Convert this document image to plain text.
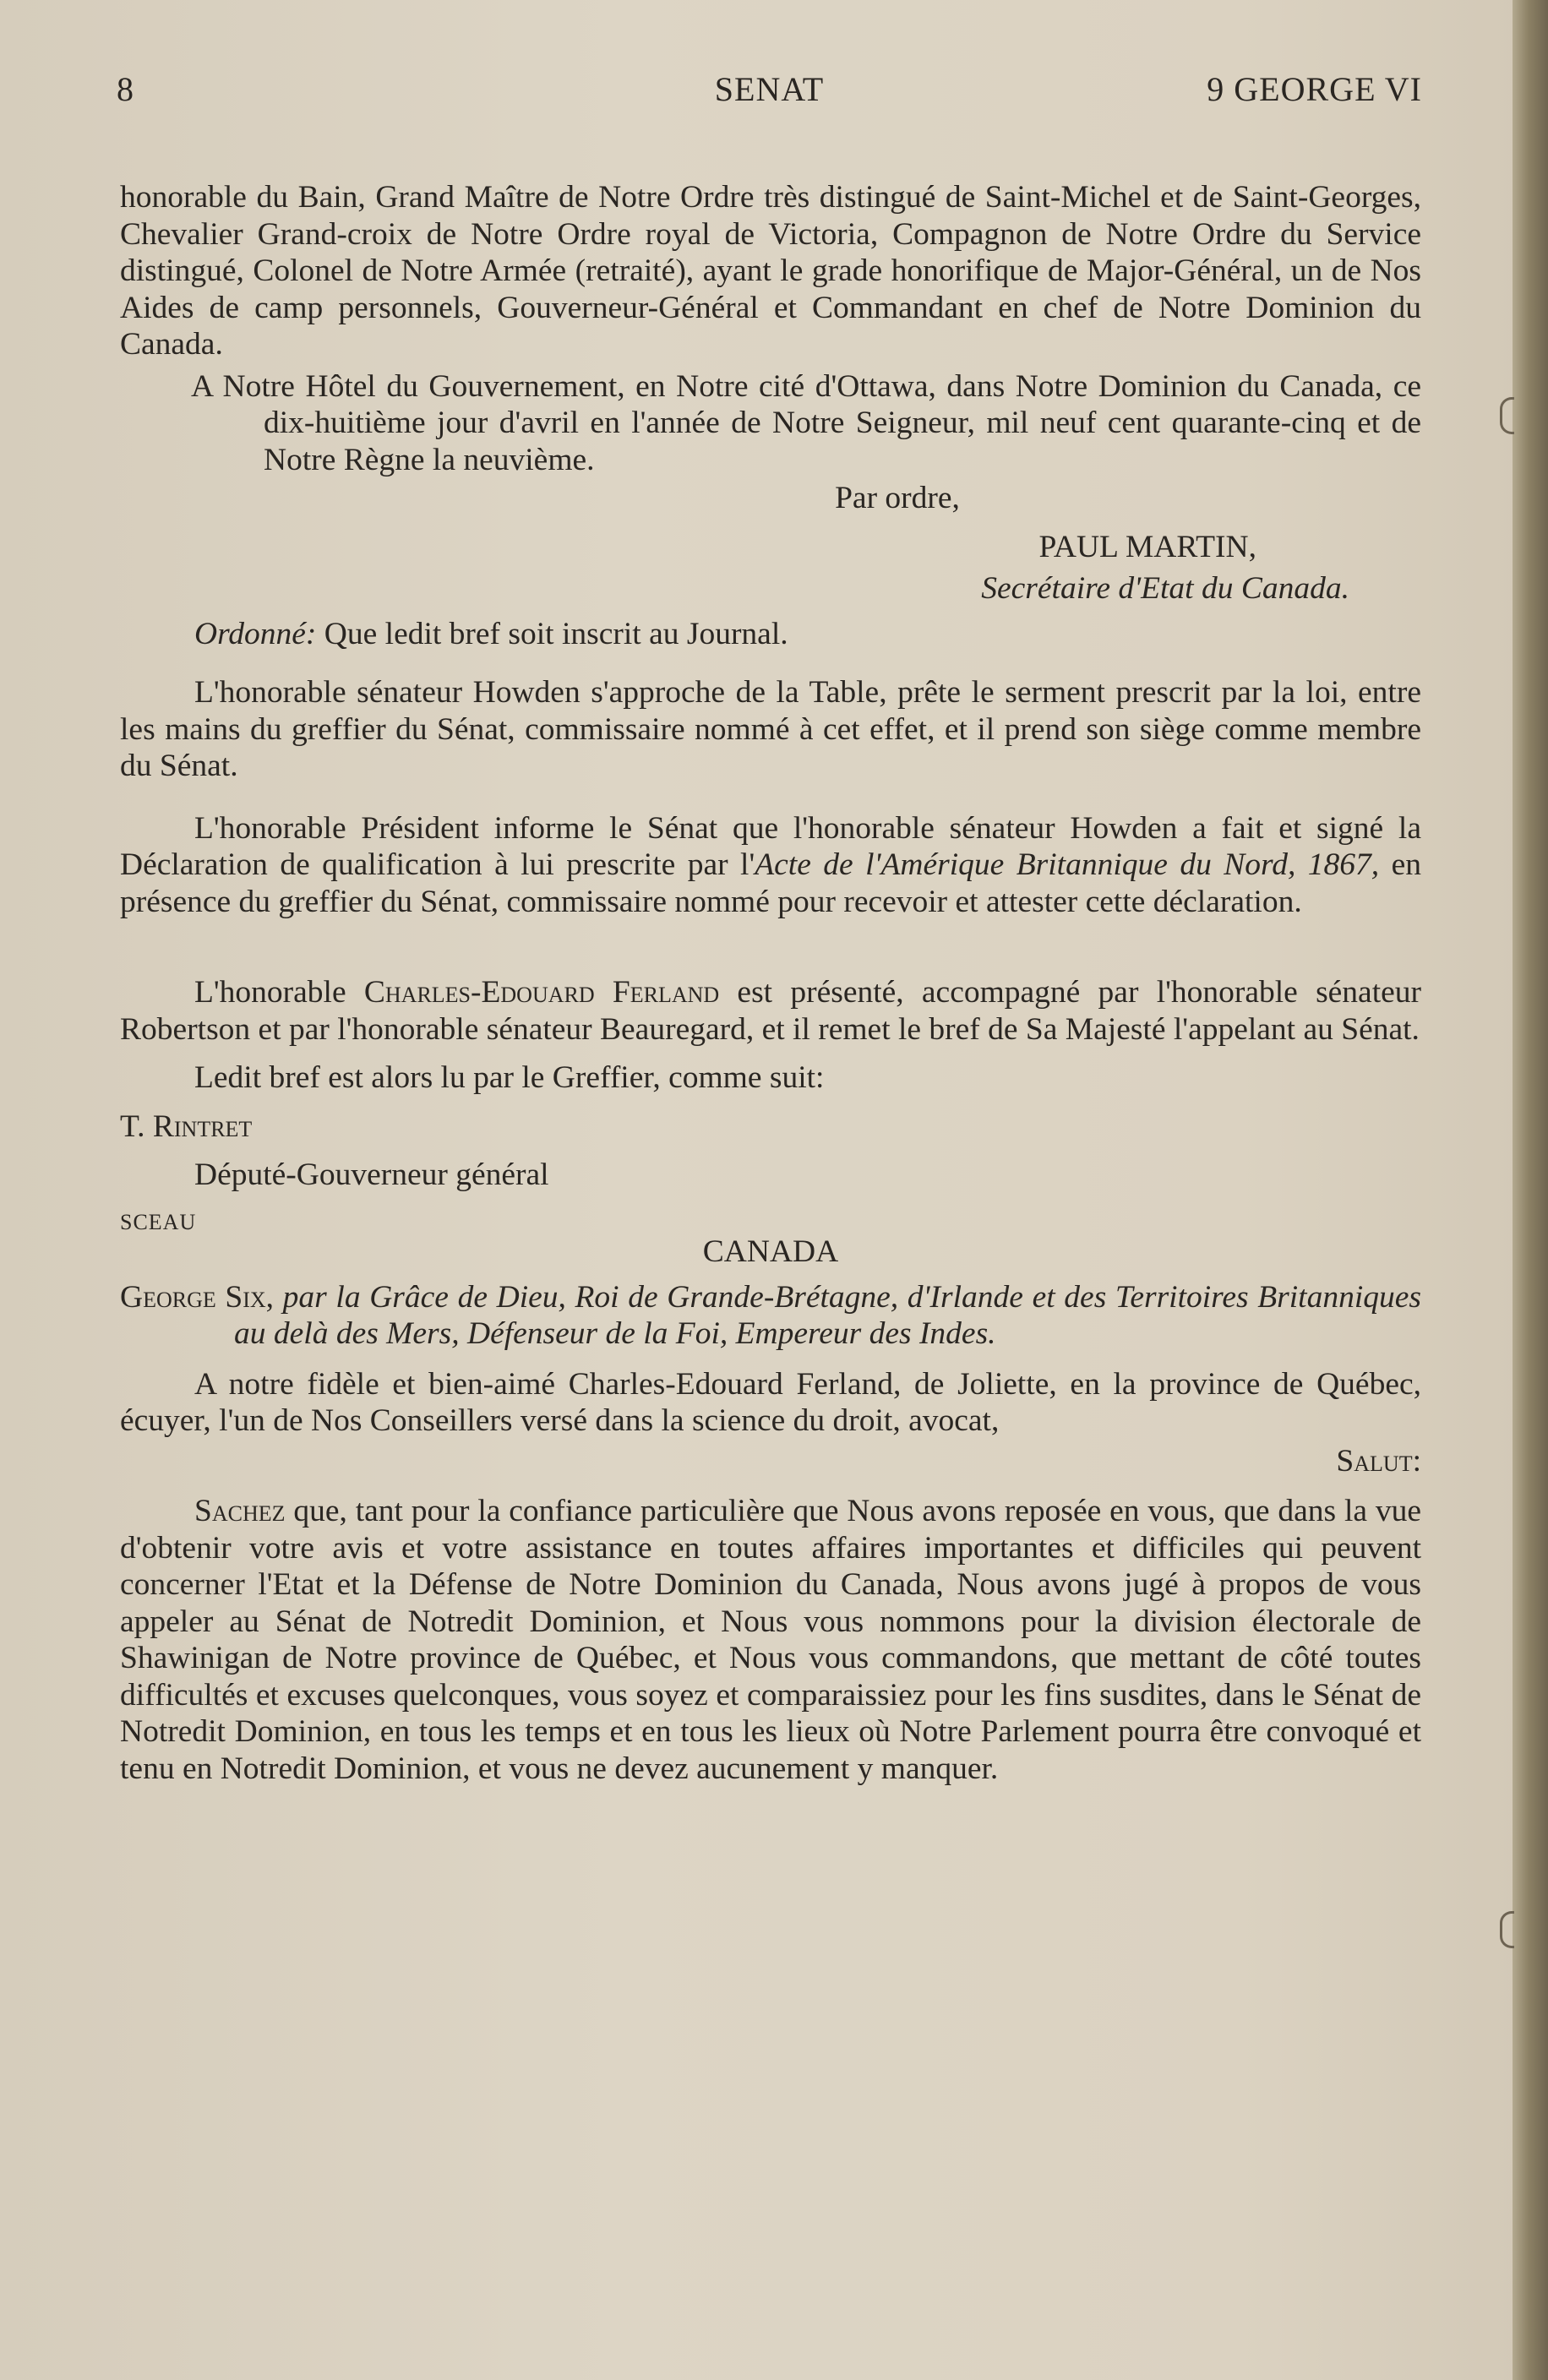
8	SENAT	9 GEORGE VI

honorable du Bain, Grand Maître de Notre Ordre très distingué de Saint-Michel et de Saint-Georges, Chevalier Grand-croix de Notre Ordre royal de Victoria, Compagnon de Notre Ordre du Service distingué, Colonel de Notre Armée (retraité), ayant le grade honorifique de Major-Général, un de Nos Aides de camp personnels, Gouverneur-Général et Commandant en chef de Notre Dominion du Canada.

A Notre Hôtel du Gouvernement, en Notre cité d'Ottawa, dans Notre Dominion du Canada, ce dix-huitième jour d'avril en l'année de Notre Seigneur, mil neuf cent quarante-cinq et de Notre Règne la neuvième.

Par ordre,

PAUL MARTIN,

Secrétaire d'Etat du Canada.

Ordonné: Que ledit bref soit inscrit au Journal.

L'honorable sénateur Howden s'approche de la Table, prête le serment prescrit par la loi, entre les mains du greffier du Sénat, commissaire nommé à cet effet, et il prend son siège comme membre du Sénat.

L'honorable Président informe le Sénat que l'honorable sénateur Howden a fait et signé la Déclaration de qualification à lui prescrite par l'Acte de l'Amérique Britannique du Nord, 1867, en présence du greffier du Sénat, commissaire nommé pour recevoir et attester cette déclaration.

L'honorable Charles-Edouard Ferland est présenté, accompagné par l'honorable sénateur Robertson et par l'honorable sénateur Beauregard, et il remet le bref de Sa Majesté l'appelant au Sénat.

Ledit bref est alors lu par le Greffier, comme suit:

T. Rintret

Député-Gouverneur général

SCEAU

CANADA

George Six, par la Grâce de Dieu, Roi de Grande-Brétagne, d'Irlande et des Territoires Britanniques au delà des Mers, Défenseur de la Foi, Empereur des Indes.

A notre fidèle et bien-aimé Charles-Edouard Ferland, de Joliette, en la province de Québec, écuyer, l'un de Nos Conseillers versé dans la science du droit, avocat,

Salut:

Sachez que, tant pour la confiance particulière que Nous avons reposée en vous, que dans la vue d'obtenir votre avis et votre assistance en toutes affaires importantes et difficiles qui peuvent concerner l'Etat et la Défense de Notre Dominion du Canada, Nous avons jugé à propos de vous appeler au Sénat de Notredit Dominion, et Nous vous nommons pour la division électorale de Shawinigan de Notre province de Québec, et Nous vous commandons, que mettant de côté toutes difficultés et excuses quelconques, vous soyez et comparaissiez pour les fins susdites, dans le Sénat de Notredit Dominion, en tous les temps et en tous les lieux où Notre Parlement pourra être convoqué et tenu en Notredit Dominion, et vous ne devez aucunement y manquer.
